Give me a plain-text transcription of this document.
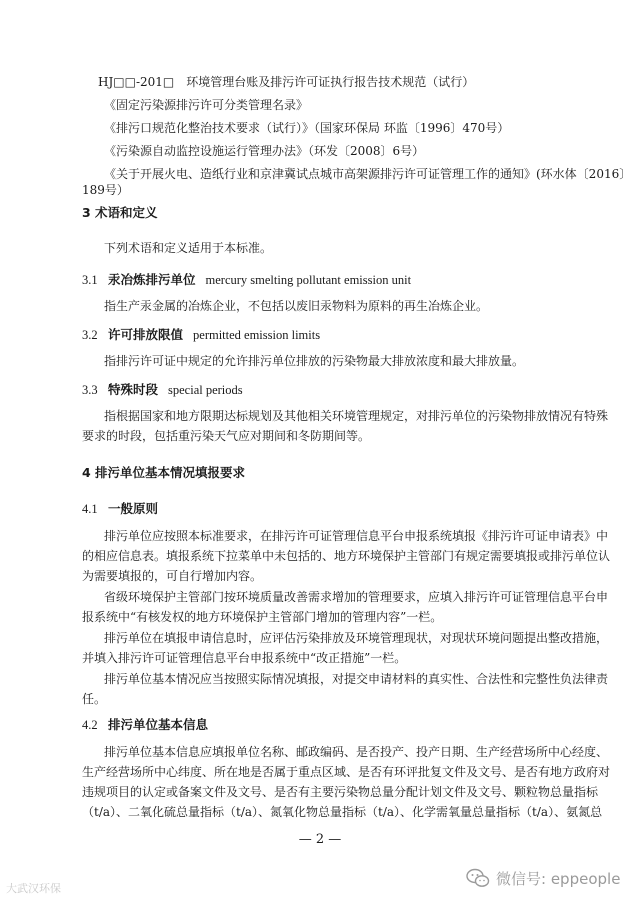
HJ□□-201□　环境管理台账及排污许可证执行报告技术规范（试行）
《固定污染源排污许可分类管理名录》
《排污口规范化整治技术要求（试行）》（国家环保局 环监〔1996〕470号）
《污染源自动监控设施运行管理办法》（环发〔2008〕6号）
《关于开展火电、造纸行业和京津冀试点城市高架源排污许可证管理工作的通知》(环水体〔2016〕
189号）
3 术语和定义
下列术语和定义适用于本标准。
3.1 汞冶炼排污单位 mercury smelting pollutant emission unit
指生产汞金属的冶炼企业，不包括以废旧汞物料为原料的再生冶炼企业。
3.2 许可排放限值 permitted emission limits
指排污许可证中规定的允许排污单位排放的污染物最大排放浓度和最大排放量。
3.3 特殊时段 special periods
指根据国家和地方限期达标规划及其他相关环境管理规定，对排污单位的污染物排放情况有特殊
要求的时段，包括重污染天气应对期间和冬防期间等。
4 排污单位基本情况填报要求
4.1 一般原则
排污单位应按照本标准要求，在排污许可证管理信息平台申报系统填报《排污许可证申请表》中
的相应信息表。填报系统下拉菜单中未包括的、地方环境保护主管部门有规定需要填报或排污单位认
为需要填报的，可自行增加内容。
省级环境保护主管部门按环境质量改善需求增加的管理要求，应填入排污许可证管理信息平台申
报系统中“有核发权的地方环境保护主管部门增加的管理内容”一栏。
排污单位在填报申请信息时，应评估污染排放及环境管理现状，对现状环境问题提出整改措施，
并填入排污许可证管理信息平台申报系统中“改正措施”一栏。
排污单位基本情况应当按照实际情况填报，对提交申请材料的真实性、合法性和完整性负法律责
任。
4.2 排污单位基本信息
排污单位基本信息应填报单位名称、邮政编码、是否投产、投产日期、生产经营场所中心经度、
生产经营场所中心纬度、所在地是否属于重点区域、是否有环评批复文件及文号、是否有地方政府对
违规项目的认定或备案文件及文号、是否有主要污染物总量分配计划文件及文号、颗粒物总量指标
（t/a）、二氧化硫总量指标（t/a）、氮氧化物总量指标（t/a）、化学需氧量总量指标（t/a）、氨氮总
— 2 —
大武汉环保
微信号: eppeople
